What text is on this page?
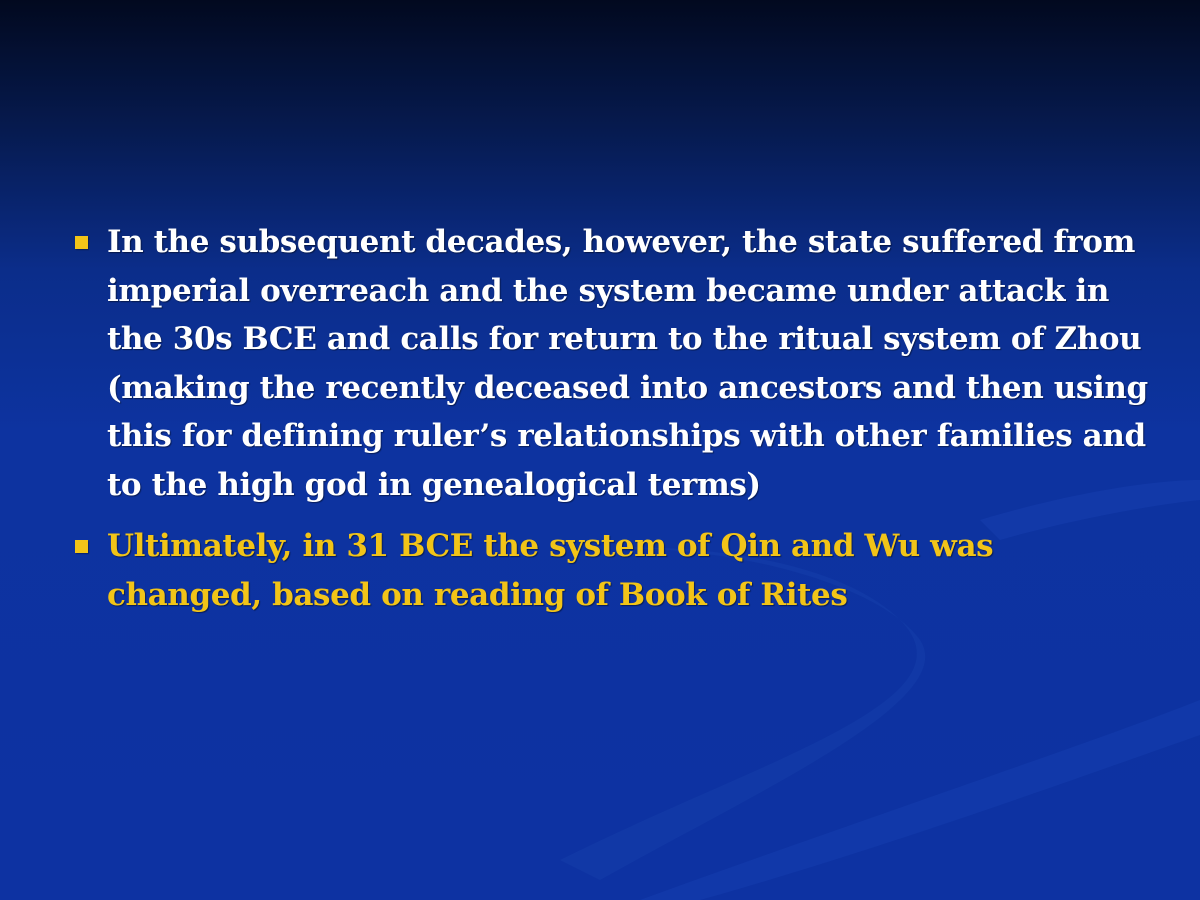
In the subsequent decades, however, the state suffered from imperial overreach and the system became under attack in the 30s BCE and calls for return to the ritual system of Zhou (making the recently deceased into ancestors and then using this for defining ruler’s relationships with other families and to the high god in genealogical terms)
Ultimately, in 31 BCE the system of Qin and Wu was changed, based on reading of Book of Rites
